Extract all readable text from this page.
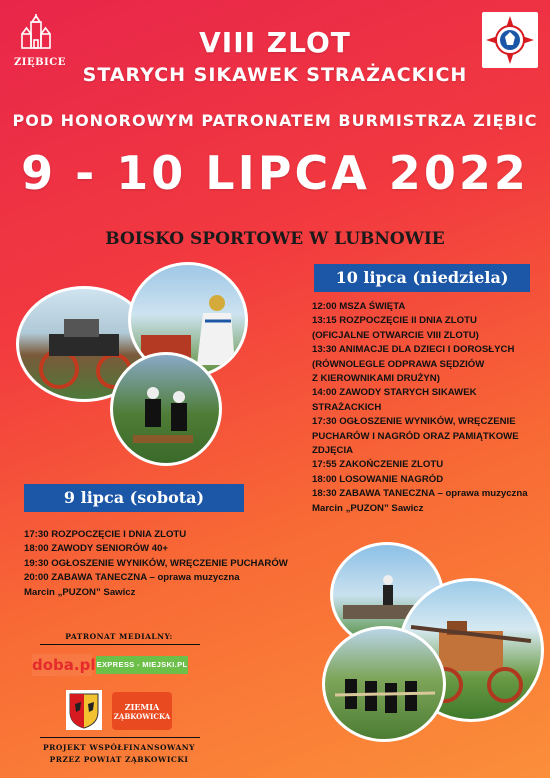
ZIĘBICE
VIII ZLOT
STARYCH SIKAWEK STRAŻACKICH
POD HONOROWYM PATRONATEM BURMISTRZA ZIĘBIC
9 - 10 LIPCA 2022
BOISKO SPORTOWE W LUBNOWIE
10 lipca (niedziela)
12:00 MSZA ŚWIĘTA
13:15 ROZPOCZĘCIE II DNIA ZLOTU
(OFICJALNE OTWARCIE VIII ZLOTU)
13:30 ANIMACJE DLA DZIECI I DOROSŁYCH
(RÓWNOLEGLE ODPRAWA SĘDZIÓW
Z KIEROWNIKAMI DRUŻYN)
14:00 ZAWODY STARYCH SIKAWEK
STRAŻACKICH
17:30 OGŁOSZENIE WYNIKÓW, WRĘCZENIE
PUCHARÓW I NAGRÓD ORAZ PAMIĄTKOWE
ZDJĘCIA
17:55 ZAKOŃCZENIE ZLOTU
18:00 LOSOWANIE NAGRÓD
18:30 ZABAWA TANECZNA – oprawa muzyczna
Marcin „PUZON” Sawicz
9 lipca (sobota)
17:30 ROZPOCZĘCIE I DNIA ZLOTU
18:00 ZAWODY SENIORÓW 40+
19:30 OGŁOSZENIE WYNIKÓW, WRĘCZENIE PUCHARÓW
20:00 ZABAWA TANECZNA – oprawa muzyczna
Marcin „PUZON” Sawicz
PATRONAT MEDIALNY:
doba.pl EXPRESS - MIEJSKI.PL
ZIEMIA
ZĄBKOWICKA
PROJEKT WSPÓŁFINANSOWANY
PRZEZ POWIAT ZĄBKOWICKI
